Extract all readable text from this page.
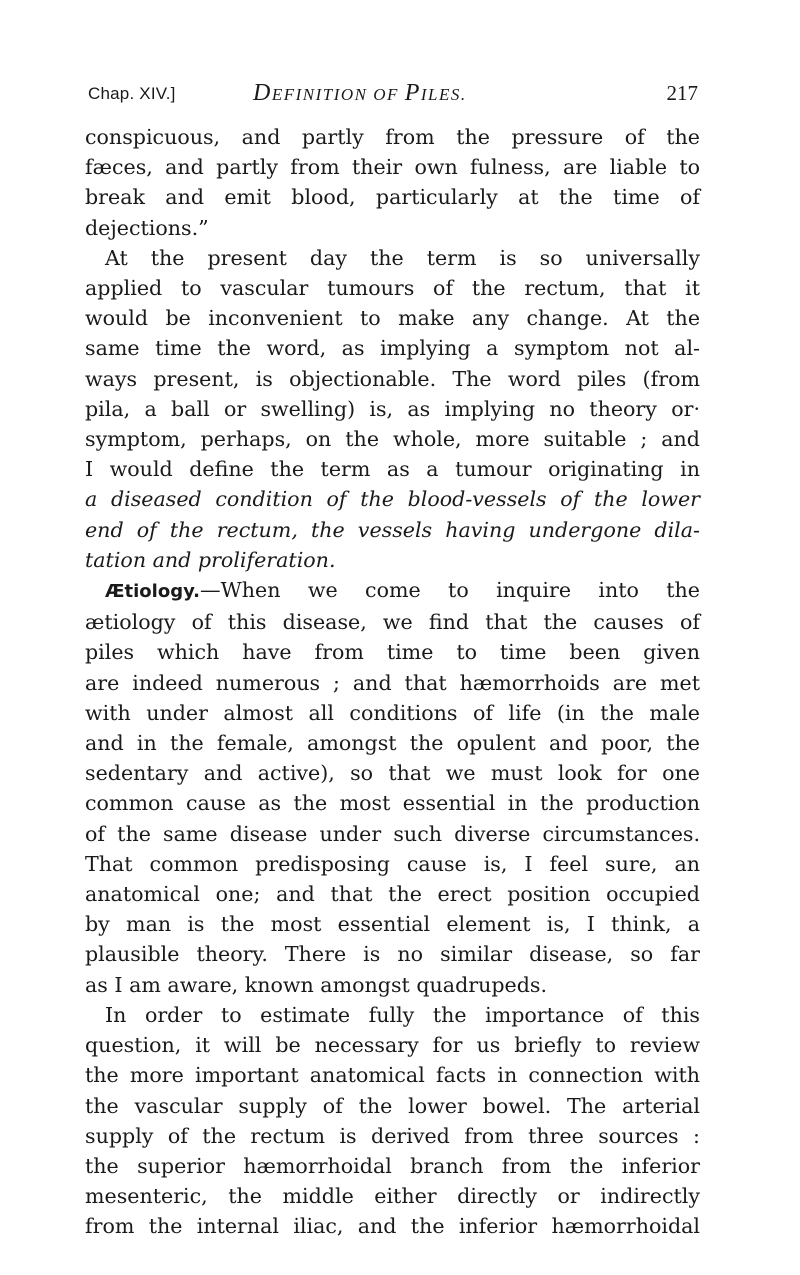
Chap. XIV.]	DEFINITION OF PILES.	217

conspicuous, and partly from the pressure of the
fæces, and partly from their own fulness, are liable to
break and emit blood, particularly at the time of
dejections.”

At the present day the term is so universally
applied to vascular tumours of the rectum, that it
would be inconvenient to make any change. At the
same time the word, as implying a symptom not al-
ways present, is objectionable. The word piles (from
pila, a ball or swelling) is, as implying no theory or·
symptom, perhaps, on the whole, more suitable ; and
I would define the term as a tumour originating in
a diseased condition of the blood-vessels of the lower
end of the rectum, the vessels having undergone dila-
tation and proliferation.

Ætiology.—When we come to inquire into the
ætiology of this disease, we find that the causes of
piles which have from time to time been given
are indeed numerous ; and that hæmorrhoids are met
with under almost all conditions of life (in the male
and in the female, amongst the opulent and poor, the
sedentary and active), so that we must look for one
common cause as the most essential in the production
of the same disease under such diverse circumstances.
That common predisposing cause is, I feel sure, an
anatomical one; and that the erect position occupied
by man is the most essential element is, I think, a
plausible theory. There is no similar disease, so far
as I am aware, known amongst quadrupeds.

In order to estimate fully the importance of this
question, it will be necessary for us briefly to review
the more important anatomical facts in connection with
the vascular supply of the lower bowel. The arterial
supply of the rectum is derived from three sources :
the superior hæmorrhoidal branch from the inferior
mesenteric, the middle either directly or indirectly
from the internal iliac, and the inferior hæmorrhoidal
